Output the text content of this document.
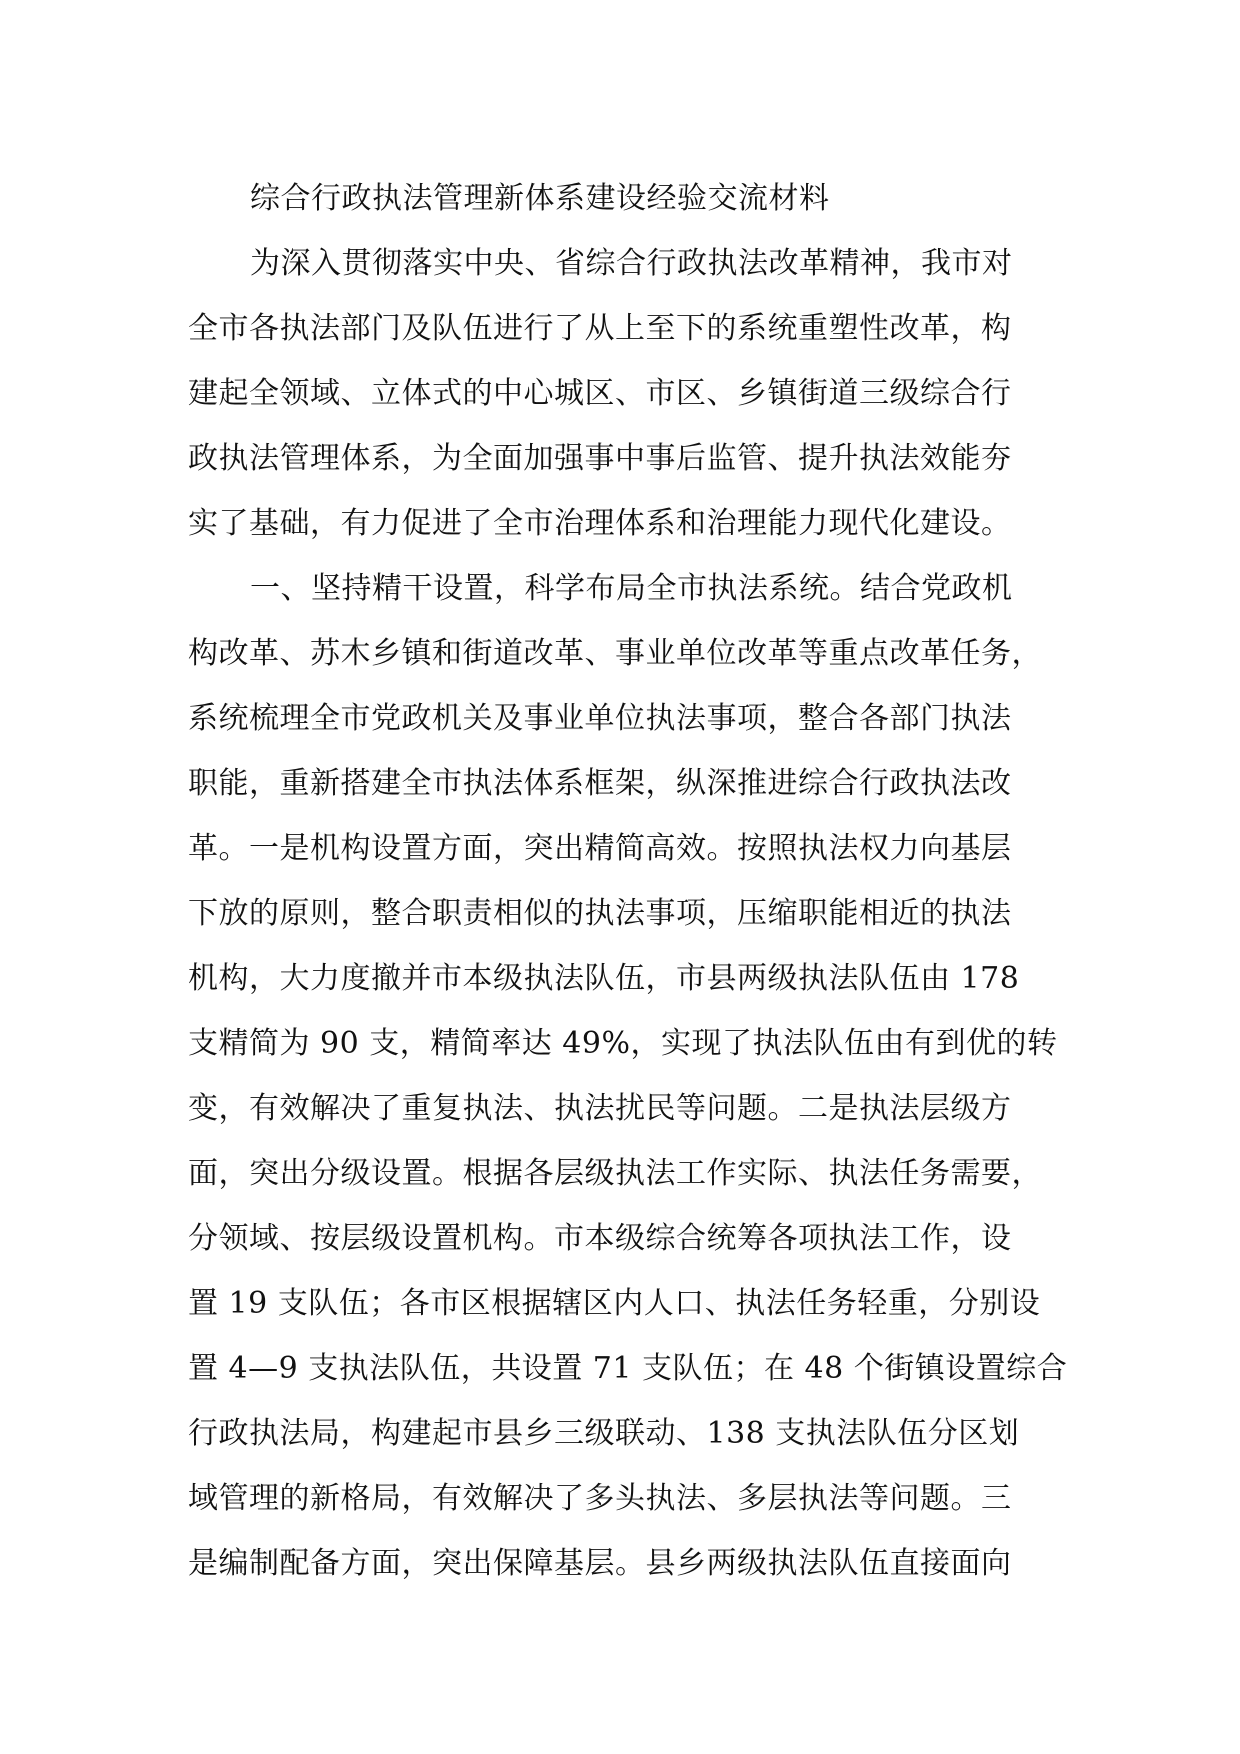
综合行政执法管理新体系建设经验交流材料
为深入贯彻落实中央、省综合行政执法改革精神，我市对
全市各执法部门及队伍进行了从上至下的系统重塑性改革，构
建起全领域、立体式的中心城区、市区、乡镇街道三级综合行
政执法管理体系，为全面加强事中事后监管、提升执法效能夯
实了基础，有力促进了全市治理体系和治理能力现代化建设。
一、坚持精干设置，科学布局全市执法系统。结合党政机
构改革、苏木乡镇和街道改革、事业单位改革等重点改革任务，
系统梳理全市党政机关及事业单位执法事项，整合各部门执法
职能，重新搭建全市执法体系框架，纵深推进综合行政执法改
革。一是机构设置方面，突出精简高效。按照执法权力向基层
下放的原则，整合职责相似的执法事项，压缩职能相近的执法
机构，大力度撤并市本级执法队伍，市县两级执法队伍由 178
支精简为 90 支，精简率达 49%，实现了执法队伍由有到优的转
变，有效解决了重复执法、执法扰民等问题。二是执法层级方
面，突出分级设置。根据各层级执法工作实际、执法任务需要，
分领域、按层级设置机构。市本级综合统筹各项执法工作，设
置 19 支队伍；各市区根据辖区内人口、执法任务轻重，分别设
置 4—9 支执法队伍，共设置 71 支队伍；在 48 个街镇设置综合
行政执法局，构建起市县乡三级联动、138 支执法队伍分区划
域管理的新格局，有效解决了多头执法、多层执法等问题。三
是编制配备方面，突出保障基层。县乡两级执法队伍直接面向
